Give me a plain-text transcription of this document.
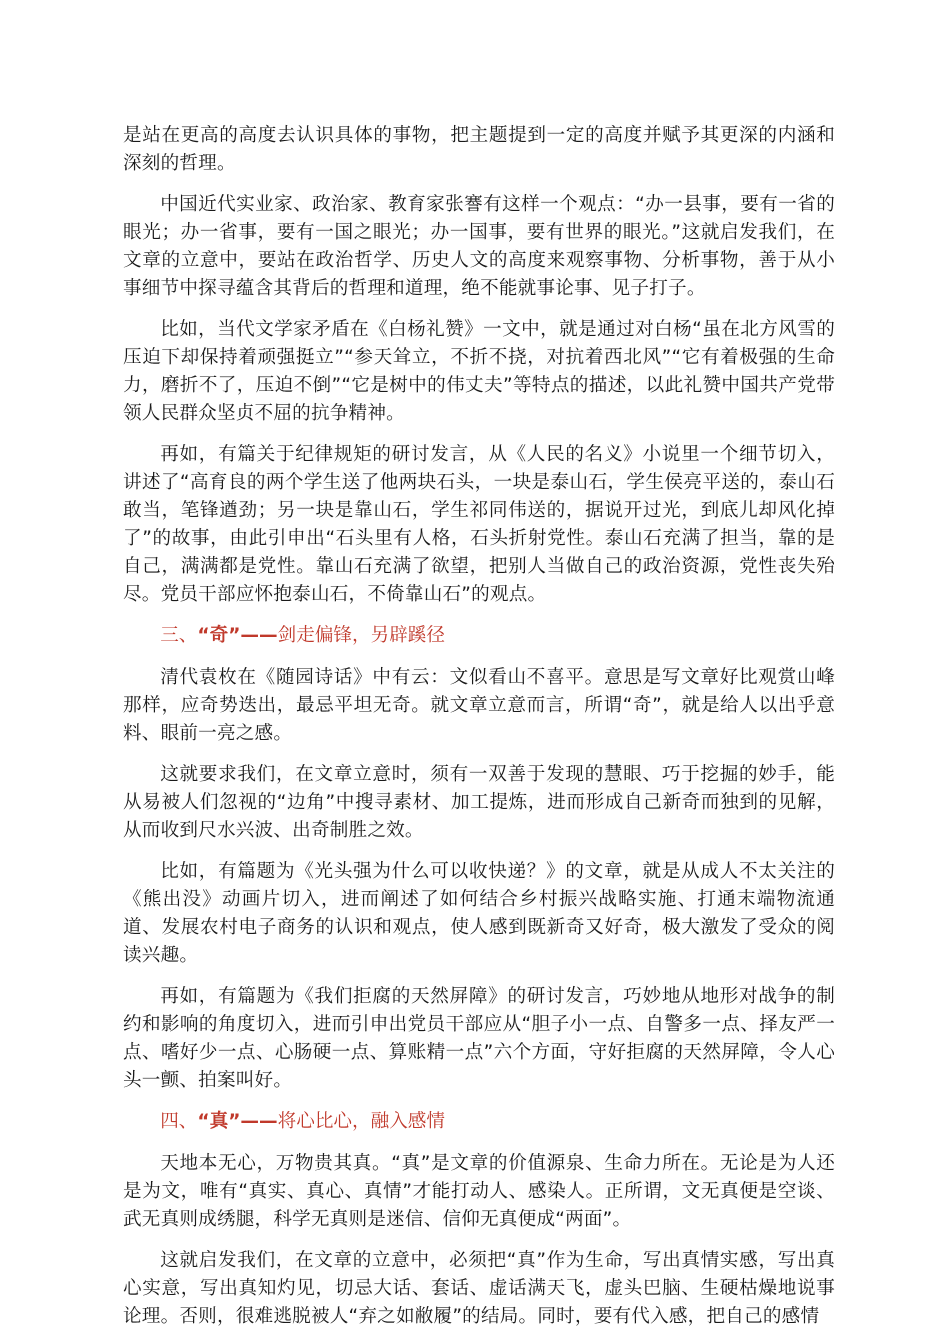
是站在更高的高度去认识具体的事物，把主题提到一定的高度并赋予其更深的内涵和深刻的哲理。

中国近代实业家、政治家、教育家张謇有这样一个观点：“办一县事，要有一省的眼光；办一省事，要有一国之眼光；办一国事，要有世界的眼光。”这就启发我们，在文章的立意中，要站在政治哲学、历史人文的高度来观察事物、分析事物，善于从小事细节中探寻蕴含其背后的哲理和道理，绝不能就事论事、见子打子。

比如，当代文学家矛盾在《白杨礼赞》一文中，就是通过对白杨“虽在北方风雪的压迫下却保持着顽强挺立”“参天耸立，不折不挠，对抗着西北风”“它有着极强的生命力，磨折不了，压迫不倒”“它是树中的伟丈夫”等特点的描述，以此礼赞中国共产党带领人民群众坚贞不屈的抗争精神。

再如，有篇关于纪律规矩的研讨发言，从《人民的名义》小说里一个细节切入，讲述了“高育良的两个学生送了他两块石头，一块是泰山石，学生侯亮平送的，泰山石敢当，笔锋遒劲；另一块是靠山石，学生祁同伟送的，据说开过光，到底儿却风化掉了”的故事，由此引申出“石头里有人格，石头折射党性。泰山石充满了担当，靠的是自己，满满都是党性。靠山石充满了欲望，把别人当做自己的政治资源，党性丧失殆尽。党员干部应怀抱泰山石，不倚靠山石”的观点。

三、“奇”——剑走偏锋，另辟蹊径

清代袁枚在《随园诗话》中有云：文似看山不喜平。意思是写文章好比观赏山峰那样，应奇势迭出，最忌平坦无奇。就文章立意而言，所谓“奇”，就是给人以出乎意料、眼前一亮之感。

这就要求我们，在文章立意时，须有一双善于发现的慧眼、巧于挖掘的妙手，能从易被人们忽视的“边角”中搜寻素材、加工提炼，进而形成自己新奇而独到的见解，从而收到尺水兴波、出奇制胜之效。

比如，有篇题为《光头强为什么可以收快递？》的文章，就是从成人不太关注的《熊出没》动画片切入，进而阐述了如何结合乡村振兴战略实施、打通末端物流通道、发展农村电子商务的认识和观点，使人感到既新奇又好奇，极大激发了受众的阅读兴趣。

再如，有篇题为《我们拒腐的天然屏障》的研讨发言，巧妙地从地形对战争的制约和影响的角度切入，进而引申出党员干部应从“胆子小一点、自警多一点、择友严一点、嗜好少一点、心肠硬一点、算账精一点”六个方面，守好拒腐的天然屏障，令人心头一颤、拍案叫好。

四、“真”——将心比心，融入感情

天地本无心，万物贵其真。“真”是文章的价值源泉、生命力所在。无论是为人还是为文，唯有“真实、真心、真情”才能打动人、感染人。正所谓，文无真便是空谈、武无真则成绣腿，科学无真则是迷信、信仰无真便成“两面”。

这就启发我们，在文章的立意中，必须把“真”作为生命，写出真情实感，写出真心实意，写出真知灼见，切忌大话、套话、虚话满天飞，虚头巴脑、生硬枯燥地说事论理。否则，很难逃脱被人“弃之如敝履”的结局。同时，要有代入感，把自己的感情
